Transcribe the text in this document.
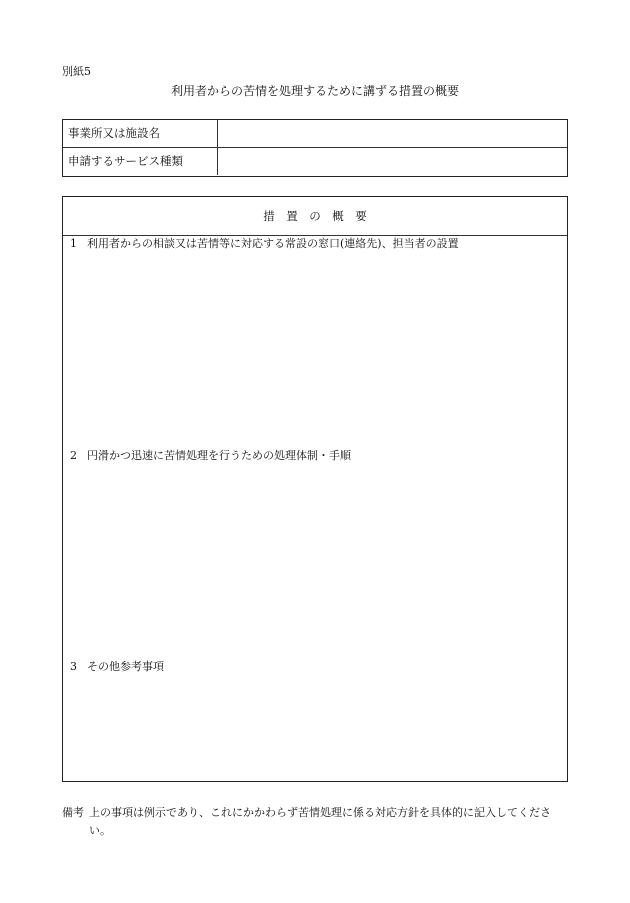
別紙5
利用者からの苦情を処理するために講ずる措置の概要
事業所又は施設名
申請するサービス種類
措　置　の　概　要
1 利用者からの相談又は苦情等に対応する常設の窓口(連絡先)、担当者の設置
2 円滑かつ迅速に苦情処理を行うための処理体制・手順
3 その他参考事項
備考 上の事項は例示であり、これにかかわらず苦情処理に係る対応方針を具体的に記入してください。
